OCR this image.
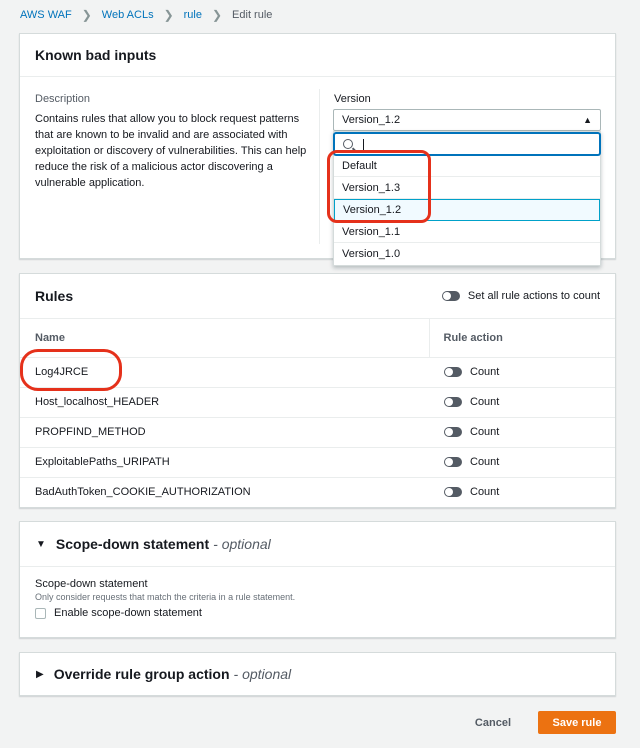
AWS WAF ❯ Web ACLs ❯ rule ❯ Edit rule
Known bad inputs
Description
Contains rules that allow you to block request patterns that are known to be invalid and are associated with exploitation or discovery of vulnerabilities. This can help reduce the risk of a malicious actor discovering a vulnerable application.
Version
Version_1.2	▲
Default
Version_1.3
Version_1.2
Version_1.1
Version_1.0
Rules	Set all rule actions to count
Name	Rule action
Log4JRCE	Count

Host_localhost_HEADER	Count

PROPFIND_METHOD	Count

ExploitablePaths_URIPATH	Count

BadAuthToken_COOKIE_AUTHORIZATION	Count
▼ Scope-down statement - optional
Scope-down statement
Only consider requests that match the criteria in a rule statement.
Enable scope-down statement
▶ Override rule group action - optional
Cancel	Save rule
